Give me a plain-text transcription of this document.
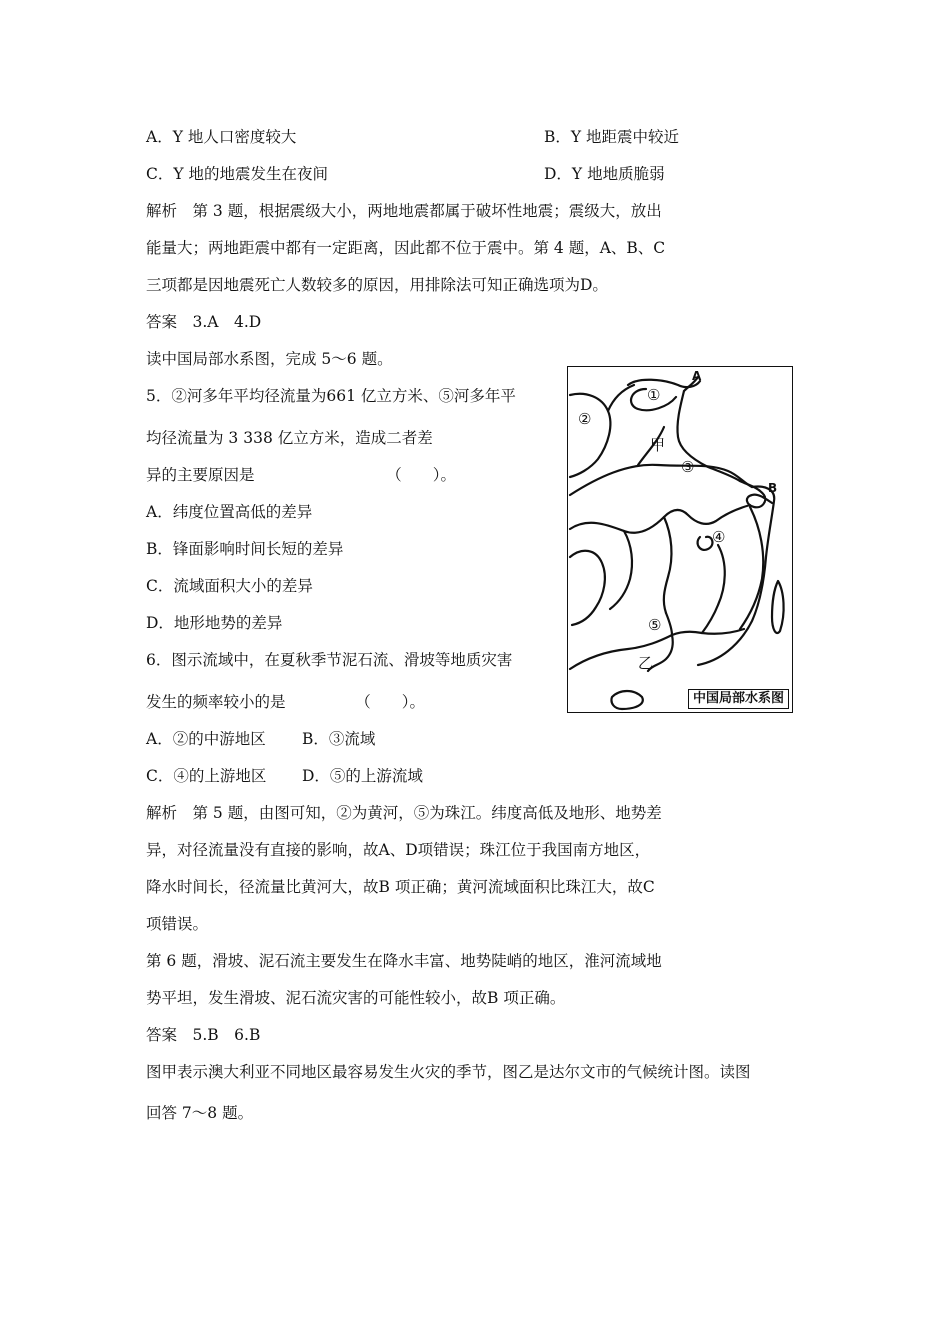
A．Y 地人口密度较大	B．Y 地距震中较近
C．Y 地的地震发生在夜间	D．Y 地地质脆弱
解析　第 3 题，根据震级大小，两地地震都属于破坏性地震；震级大，放出
能量大；两地距震中都有一定距离，因此都不位于震中。第 4 题，A、B、C
三项都是因地震死亡人数较多的原因，用排除法可知正确选项为D。
答案　3.A　4.D
读中国局部水系图，完成 5～6 题。
5．②河多年平均径流量为661 亿立方米、⑤河多年平
均径流量为 3 338 亿立方米，造成二者差
异的主要原因是　　　　　　　　　（　　）。
A．纬度位置高低的差异
B．锋面影响时间长短的差异
C．流域面积大小的差异
D．地形地势的差异
6．图示流域中，在夏秋季节泥石流、滑坡等地质灾害
发生的频率较小的是　　　　　（　　）。
A．②的中游地区 B．③流域
C．④的上游地区 D．⑤的上游流域
解析　第 5 题，由图可知，②为黄河，⑤为珠江。纬度高低及地形、地势差
异，对径流量没有直接的影响，故A、D项错误；珠江位于我国南方地区，
降水时间长，径流量比黄河大，故B 项正确；黄河流域面积比珠江大，故C
项错误。
第 6 题，滑坡、泥石流主要发生在降水丰富、地势陡峭的地区，淮河流域地
势平坦，发生滑坡、泥石流灾害的可能性较小，故B 项正确。
答案　5.B　6.B
图甲表示澳大利亚不同地区最容易发生火灾的季节，图乙是达尔文市的气候统计图。读图
回答 7～8 题。
①
②
③
④
⑤
甲
乙
A
B
中国局部水系图
